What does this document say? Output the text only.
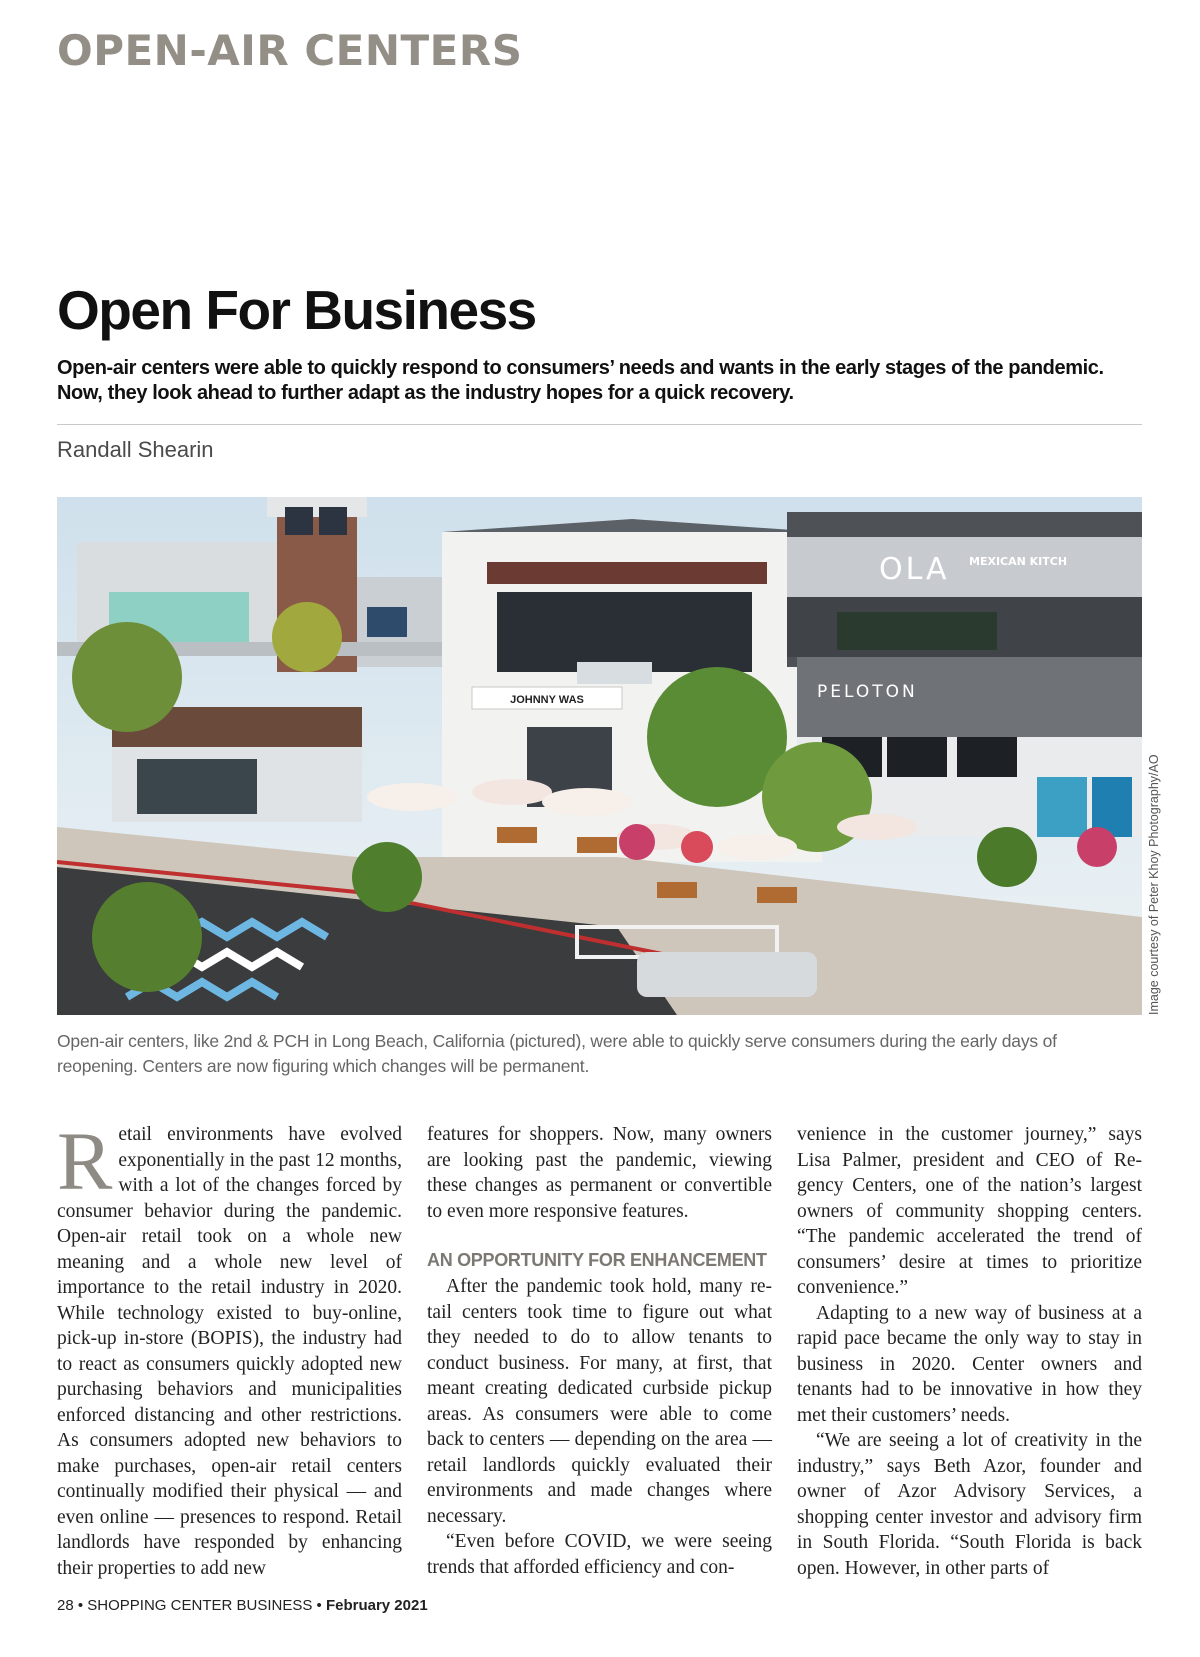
OPEN-AIR CENTERS
Open For Business

Open-air centers were able to quickly respond to consumers’ needs and wants in the early stages of the pandemic. Now, they look ahead to further adapt as the industry hopes for a quick recovery.

Randall Shearin
JOHNNY WAS
OLA MEXICAN KITCH
PELOTON
Image courtesy of Peter Khoy Photography/AO

Open-air centers, like 2nd & PCH in Long Beach, California (pictured), were able to quickly serve consumers during the early days of reopening. Centers are now figuring which changes will be permanent.

R etail environments have evolved exponentially in the past 12 months, with a lot of the changes forced by consumer behavior during the pandemic. Open-air retail took on a whole new meaning and a whole new level of importance to the retail industry in 2020. While technology existed to buy-online, pick-up in-store (BOPIS), the industry had to react as consumers quickly adopted new purchasing behaviors and municipalities enforced distancing and other restrictions. As consumers adopted new behaviors to make purchases, open-air retail centers continually modified their physical — and even online — presences to respond. Retail landlords have responded by enhancing their properties to add new

features for shoppers. Now, many owners are looking past the pandemic, viewing these changes as permanent or convertible to even more responsive features.

AN OPPORTUNITY FOR ENHANCEMENT

After the pandemic took hold, many retail centers took time to figure out what they needed to do to allow tenants to conduct business. For many, at first, that meant creating dedicated curbside pickup areas. As consumers were able to come back to centers — depending on the area — retail landlords quickly evaluated their environments and made changes where necessary.

“Even before COVID, we were seeing trends that afforded efficiency and con-

venience in the customer journey,” says Lisa Palmer, president and CEO of Regency Centers, one of the nation’s largest owners of community shopping centers. “The pandemic accelerated the trend of consumers’ desire at times to prioritize convenience.”

Adapting to a new way of business at a rapid pace became the only way to stay in business in 2020. Center owners and tenants had to be innovative in how they met their customers’ needs.

“We are seeing a lot of creativity in the industry,” says Beth Azor, founder and owner of Azor Advisory Services, a shopping center investor and advisory firm in South Florida. “South Florida is back open. However, in other parts of

28 • SHOPPING CENTER BUSINESS • February 2021
